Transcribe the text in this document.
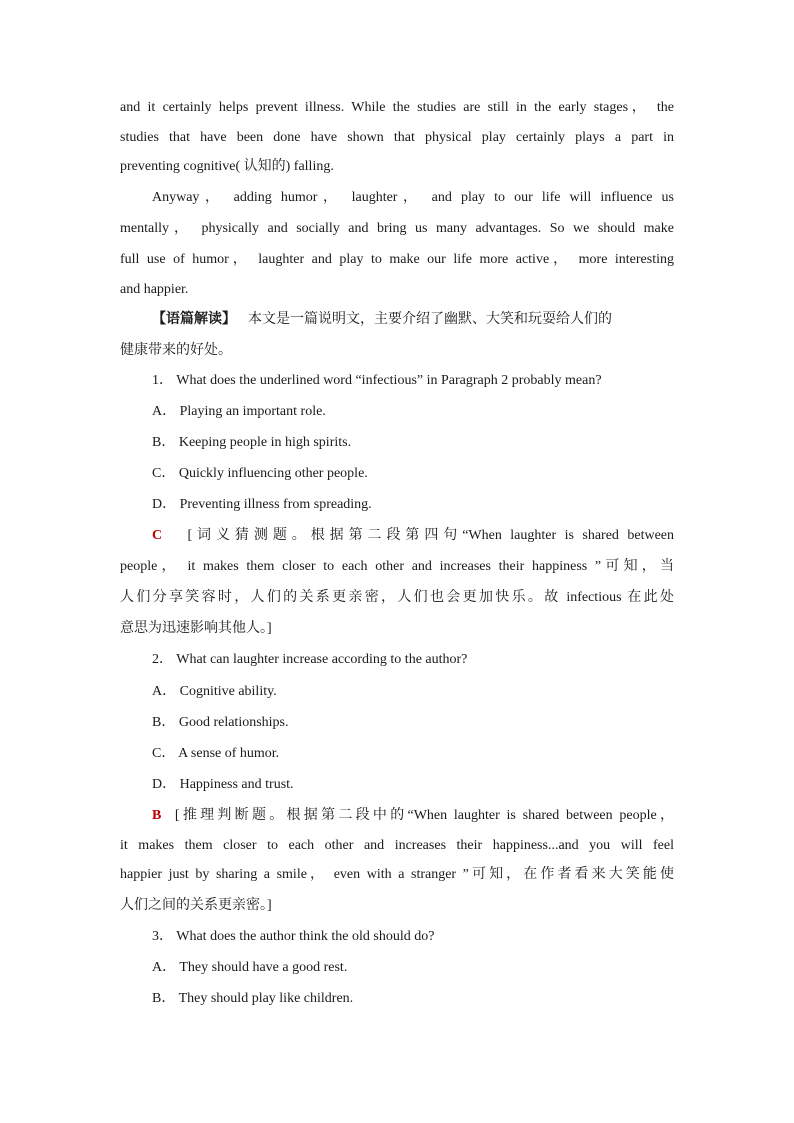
and it certainly helps prevent illness. While the studies are still in the early stages， the
studies that have been done have shown that physical play certainly plays a part in
preventing cognitive( 认知的) falling.
Anyway， adding humor， laughter， and play to our life will influence us
mentally， physically and socially and bring us many advantages. So we should make
full use of humor， laughter and play to make our life more active， more interesting
and happier.
【语篇解读】 本文是一篇说明文，主要介绍了幽默、大笑和玩耍给人们的
健康带来的好处。
1． What does the underlined word “infectious” in Paragraph 2 probably mean?
A． Playing an important role.
B． Keeping people in high spirits.
C． Quickly influencing other people.
D． Preventing illness from spreading.
C [词义猜测题。根据第二段第四句“When laughter is shared between
people， it makes them closer to each other and increases their happiness ”可知，当
人们分享笑容时，人们的关系更亲密，人们也会更加快乐。故 infectious 在此处
意思为迅速影响其他人。]
2． What can laughter increase according to the author?
A． Cognitive ability.
B． Good relationships.
C． A sense of humor.
D． Happiness and trust.
B [推理判断题。根据第二段中的“When laughter is shared between people，
it makes them closer to each other and increases their happiness...and you will feel
happier just by sharing a smile， even with a stranger ”可知，在作者看来大笑能使
人们之间的关系更亲密。]
3． What does the author think the old should do?
A． They should have a good rest.
B． They should play like children.
